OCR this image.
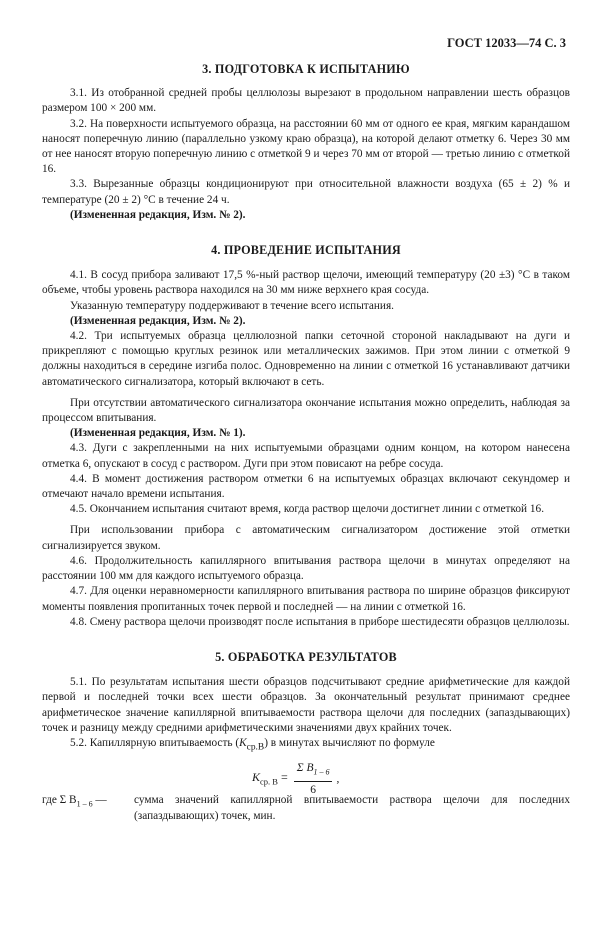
ГОСТ 12033—74 С. 3
3. ПОДГОТОВКА К ИСПЫТАНИЮ

3.1. Из отобранной средней пробы целлюлозы вырезают в продольном направлении шесть образцов размером 100 × 200 мм.

3.2. На поверхности испытуемого образца, на расстоянии 60 мм от одного ее края, мягким карандашом наносят поперечную линию (параллельно узкому краю образца), на которой делают отметку 6. Через 30 мм от нее наносят вторую поперечную линию с отметкой 9 и через 70 мм от второй — третью линию с отметкой 16.

3.3. Вырезанные образцы кондиционируют при относительной влажности воздуха (65 ± 2) % и температуре (20 ± 2) °С в течение 24 ч.

(Измененная редакция, Изм. № 2).

4. ПРОВЕДЕНИЕ ИСПЫТАНИЯ

4.1. В сосуд прибора заливают 17,5 %-ный раствор щелочи, имеющий температуру (20 ±3) °С в таком объеме, чтобы уровень раствора находился на 30 мм ниже верхнего края сосуда.

Указанную температуру поддерживают в течение всего испытания.

(Измененная редакция, Изм. № 2).

4.2. Три испытуемых образца целлюлозной папки сеточной стороной накладывают на дуги и прикрепляют с помощью круглых резинок или металлических зажимов. При этом линии с отметкой 9 должны находиться в середине изгиба полос. Одновременно на линии с отметкой 16 устанавливают датчики автоматического сигнализатора, который включают в сеть.

При отсутствии автоматического сигнализатора окончание испытания можно определить, наблюдая за процессом впитывания.

(Измененная редакция, Изм. № 1).

4.3. Дуги с закрепленными на них испытуемыми образцами одним концом, на котором нанесена отметка 6, опускают в сосуд с раствором. Дуги при этом повисают на ребре сосуда.

4.4. В момент достижения раствором отметки 6 на испытуемых образцах включают секундомер и отмечают начало времени испытания.

4.5. Окончанием испытания считают время, когда раствор щелочи достигнет линии с отметкой 16.

При использовании прибора с автоматическим сигнализатором достижение этой отметки сигнализируется звуком.

4.6. Продолжительность капиллярного впитывания раствора щелочи в минутах определяют на расстоянии 100 мм для каждого испытуемого образца.

4.7. Для оценки неравномерности капиллярного впитывания раствора по ширине образцов фиксируют моменты появления пропитанных точек первой и последней — на линии с отметкой 16.

4.8. Смену раствора щелочи производят после испытания в приборе шестидесяти образцов целлюлозы.

5. ОБРАБОТКА РЕЗУЛЬТАТОВ

5.1. По результатам испытания шести образцов подсчитывают средние арифметические для каждой первой и последней точки всех шести образцов. За окончательный результат принимают среднее арифметическое значение капиллярной впитываемости раствора щелочи для последних (запаздывающих) точек и разницу между средними арифметическими значениями двух крайних точек.

5.2. Капиллярную впитываемость $(K_{ср.В})$ в минутах вычисляют по формуле

$K_{ср. В} = \frac{\Sigma B_{1 - 6}}{6}$ ,
где Σ $B_{1 - 6}$ —	сумма значений капиллярной впитываемости раствора щелочи для последних (запаздывающих) точек, мин.
